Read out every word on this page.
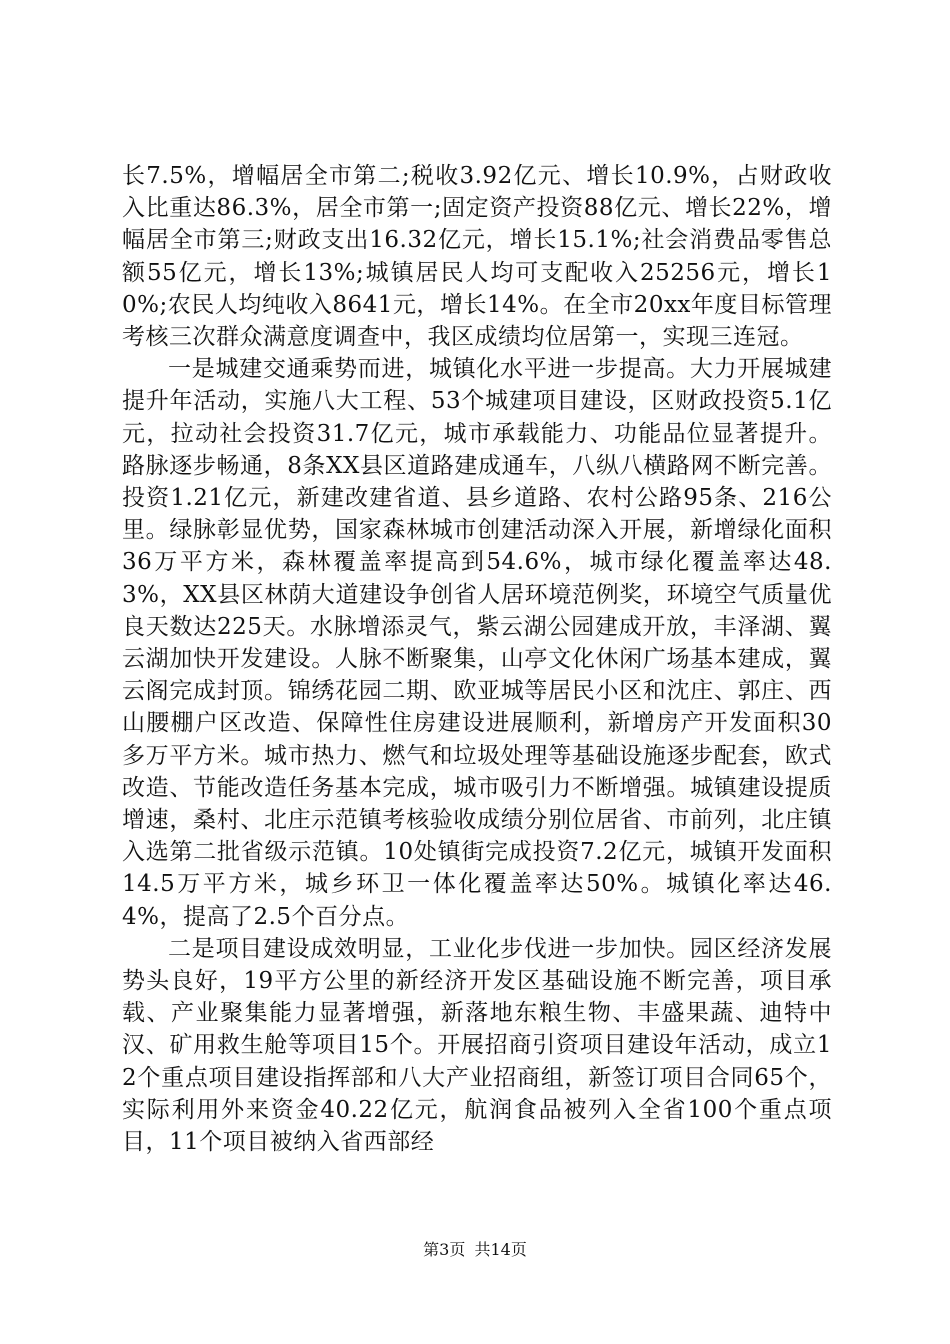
长7.5%，增幅居全市第二;税收3.92亿元、增长10.9%，占财政收入比重达86.3%，居全市第一;固定资产投资88亿元、增长22%，增幅居全市第三;财政支出16.32亿元，增长15.1%;社会消费品零售总额55亿元，增长13%;城镇居民人均可支配收入25256元，增长10%;农民人均纯收入8641元，增长14%。在全市20xx年度目标管理考核三次群众满意度调查中，我区成绩均位居第一，实现三连冠。

一是城建交通乘势而进，城镇化水平进一步提高。大力开展城建提升年活动，实施八大工程、53个城建项目建设，区财政投资5.1亿元，拉动社会投资31.7亿元，城市承载能力、功能品位显著提升。路脉逐步畅通，8条XX县区道路建成通车，八纵八横路网不断完善。投资1.21亿元，新建改建省道、县乡道路、农村公路95条、216公里。绿脉彰显优势，国家森林城市创建活动深入开展，新增绿化面积36万平方米，森林覆盖率提高到54.6%，城市绿化覆盖率达48.3%，XX县区林荫大道建设争创省人居环境范例奖，环境空气质量优良天数达225天。水脉增添灵气，紫云湖公园建成开放，丰泽湖、翼云湖加快开发建设。人脉不断聚集，山亭文化休闲广场基本建成，翼云阁完成封顶。锦绣花园二期、欧亚城等居民小区和沈庄、郭庄、西山腰棚户区改造、保障性住房建设进展顺利，新增房产开发面积30多万平方米。城市热力、燃气和垃圾处理等基础设施逐步配套，欧式改造、节能改造任务基本完成，城市吸引力不断增强。城镇建设提质增速，桑村、北庄示范镇考核验收成绩分别位居省、市前列，北庄镇入选第二批省级示范镇。10处镇街完成投资7.2亿元，城镇开发面积14.5万平方米，城乡环卫一体化覆盖率达50%。城镇化率达46.4%，提高了2.5个百分点。

二是项目建设成效明显，工业化步伐进一步加快。园区经济发展势头良好，19平方公里的新经济开发区基础设施不断完善，项目承载、产业聚集能力显著增强，新落地东粮生物、丰盛果蔬、迪特中汉、矿用救生舱等项目15个。开展招商引资项目建设年活动，成立12个重点项目建设指挥部和八大产业招商组，新签订项目合同65个，实际利用外来资金40.22亿元，航润食品被列入全省100个重点项目，11个项目被纳入省西部经

第3页 共14页
